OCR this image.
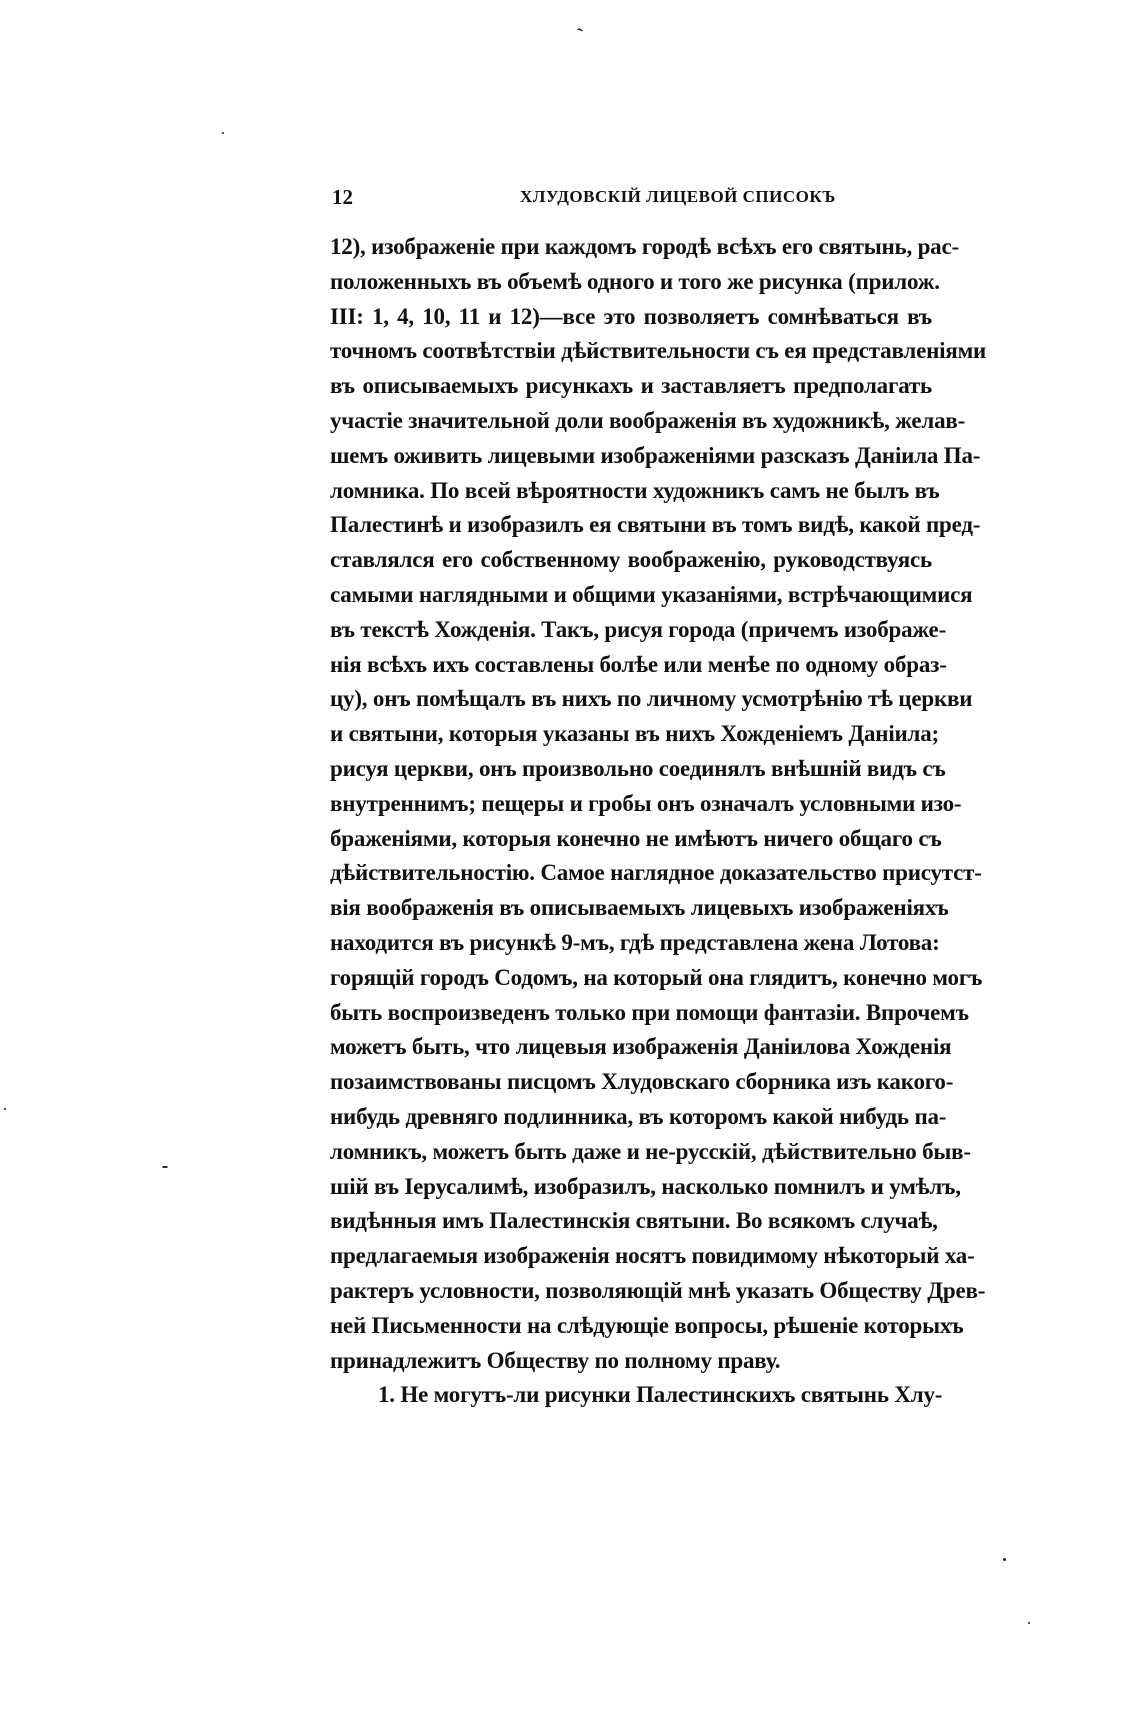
ˎ
12	ХЛУДОВСКІЙ ЛИЦЕВОЙ СПИСОКЪ
12), изображеніе при каждомъ городѣ всѣхъ его святынь, рас-
положенныхъ въ объемѣ одного и того же рисунка (прилож.
III: 1, 4, 10, 11 и 12)—все это позволяетъ сомнѣваться въ
точномъ соотвѣтствіи дѣйствительности съ ея представленіями
въ описываемыхъ рисункахъ и заставляетъ предполагать
участіе значительной доли воображенія въ художникѣ, желав-
шемъ оживить лицевыми изображеніями разсказъ Даніила Па-
ломника. По всей вѣроятности художникъ самъ не былъ въ
Палестинѣ и изобразилъ ея святыни въ томъ видѣ, какой пред-
ставлялся его собственному воображенію, руководствуясь
самыми наглядными и общими указаніями, встрѣчающимися
въ текстѣ Хожденія. Такъ, рисуя города (причемъ изображе-
нія всѣхъ ихъ составлены болѣе или менѣе по одному образ-
цу), онъ помѣщалъ въ нихъ по личному усмотрѣнію тѣ церкви
и святыни, которыя указаны въ нихъ Хожденіемъ Даніила;
рисуя церкви, онъ произвольно соединялъ внѣшній видъ съ
внутреннимъ; пещеры и гробы онъ означалъ условными изо-
браженіями, которыя конечно не имѣютъ ничего общаго съ
дѣйствительностію. Самое наглядное доказательство присутст-
вія воображенія въ описываемыхъ лицевыхъ изображеніяхъ
находится въ рисункѣ 9-мъ, гдѣ представлена жена Лотова:
горящій городъ Содомъ, на который она глядитъ, конечно могъ
быть воспроизведенъ только при помощи фантазіи. Впрочемъ
можетъ быть, что лицевыя изображенія Даніилова Хожденія
позаимствованы писцомъ Хлудовскаго сборника изъ какого-
нибудь древняго подлинника, въ которомъ какой нибудь па-
ломникъ, можетъ быть даже и не-русскій, дѣйствительно быв-
шій въ Іерусалимѣ, изобразилъ, насколько помнилъ и умѣлъ,
видѣнныя имъ Палестинскія святыни. Во всякомъ случаѣ,
предлагаемыя изображенія носятъ повидимому нѣкоторый ха-
рактеръ условности, позволяющій мнѣ указать Обществу Древ-
ней Письменности на слѣдующіе вопросы, рѣшеніе которыхъ
принадлежитъ Обществу по полному праву.
1. Не могутъ-ли рисунки Палестинскихъ святынь Хлу-
